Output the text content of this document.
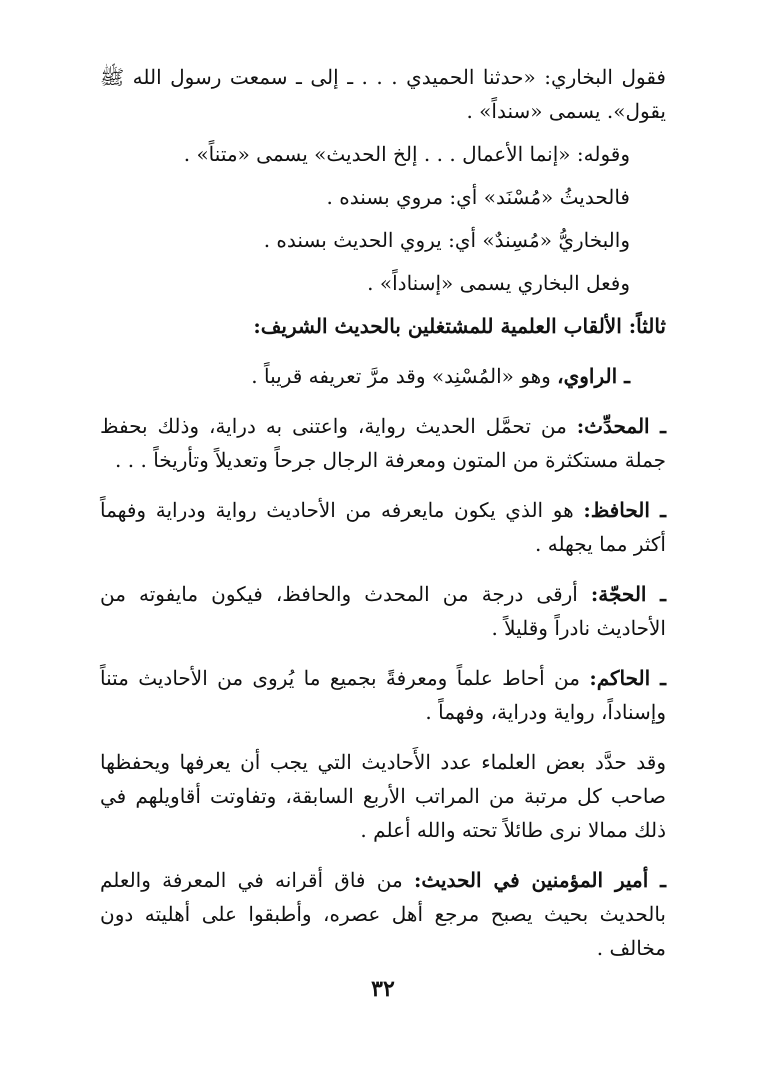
فقول البخاري: «حدثنا الحميدي . . . ـ إلى ـ سمعت رسول الله ﷺ يقول». يسمى «سنداً» .

وقوله: «إنما الأعمال . . . إلخ الحديث» يسمى «متناً» .

فالحديثُ «مُسْنَد» أي: مروي بسنده .

والبخاريُّ «مُسِندٌ» أي: يروي الحديث بسنده .

وفعل البخاري يسمى «إسناداً» .

ثالثاً: الألقاب العلمية للمشتغلين بالحديث الشريف:

ـ الراوي، وهو «المُسْنِد» وقد مرَّ تعريفه قريباً .

ـ المحدِّث: من تحمَّل الحديث رواية، واعتنى به دراية، وذلك بحفظ جملة مستكثرة من المتون ومعرفة الرجال جرحاً وتعديلاً وتأريخاً . . .

ـ الحافظ: هو الذي يكون مايعرفه من الأحاديث رواية ودراية وفهماً أكثر مما يجهله .

ـ الحجّة: أرقى درجة من المحدث والحافظ، فيكون مايفوته من الأحاديث نادراً وقليلاً .

ـ الحاكم: من أحاط علماً ومعرفةً بجميع ما يُروى من الأحاديث متناً وإسناداً، رواية ودراية، وفهماً .

وقد حدَّد بعض العلماء عدد الأَحاديث التي يجب أن يعرفها ويحفظها صاحب كل مرتبة من المراتب الأربع السابقة، وتفاوتت أقاويلهم في ذلك ممالا نرى طائلاً تحته والله أعلم .

ـ أمير المؤمنين في الحديث: من فاق أقرانه في المعرفة والعلم بالحديث بحيث يصبح مرجع أهل عصره، وأطبقوا على أهليته دون مخالف .

٣٢
